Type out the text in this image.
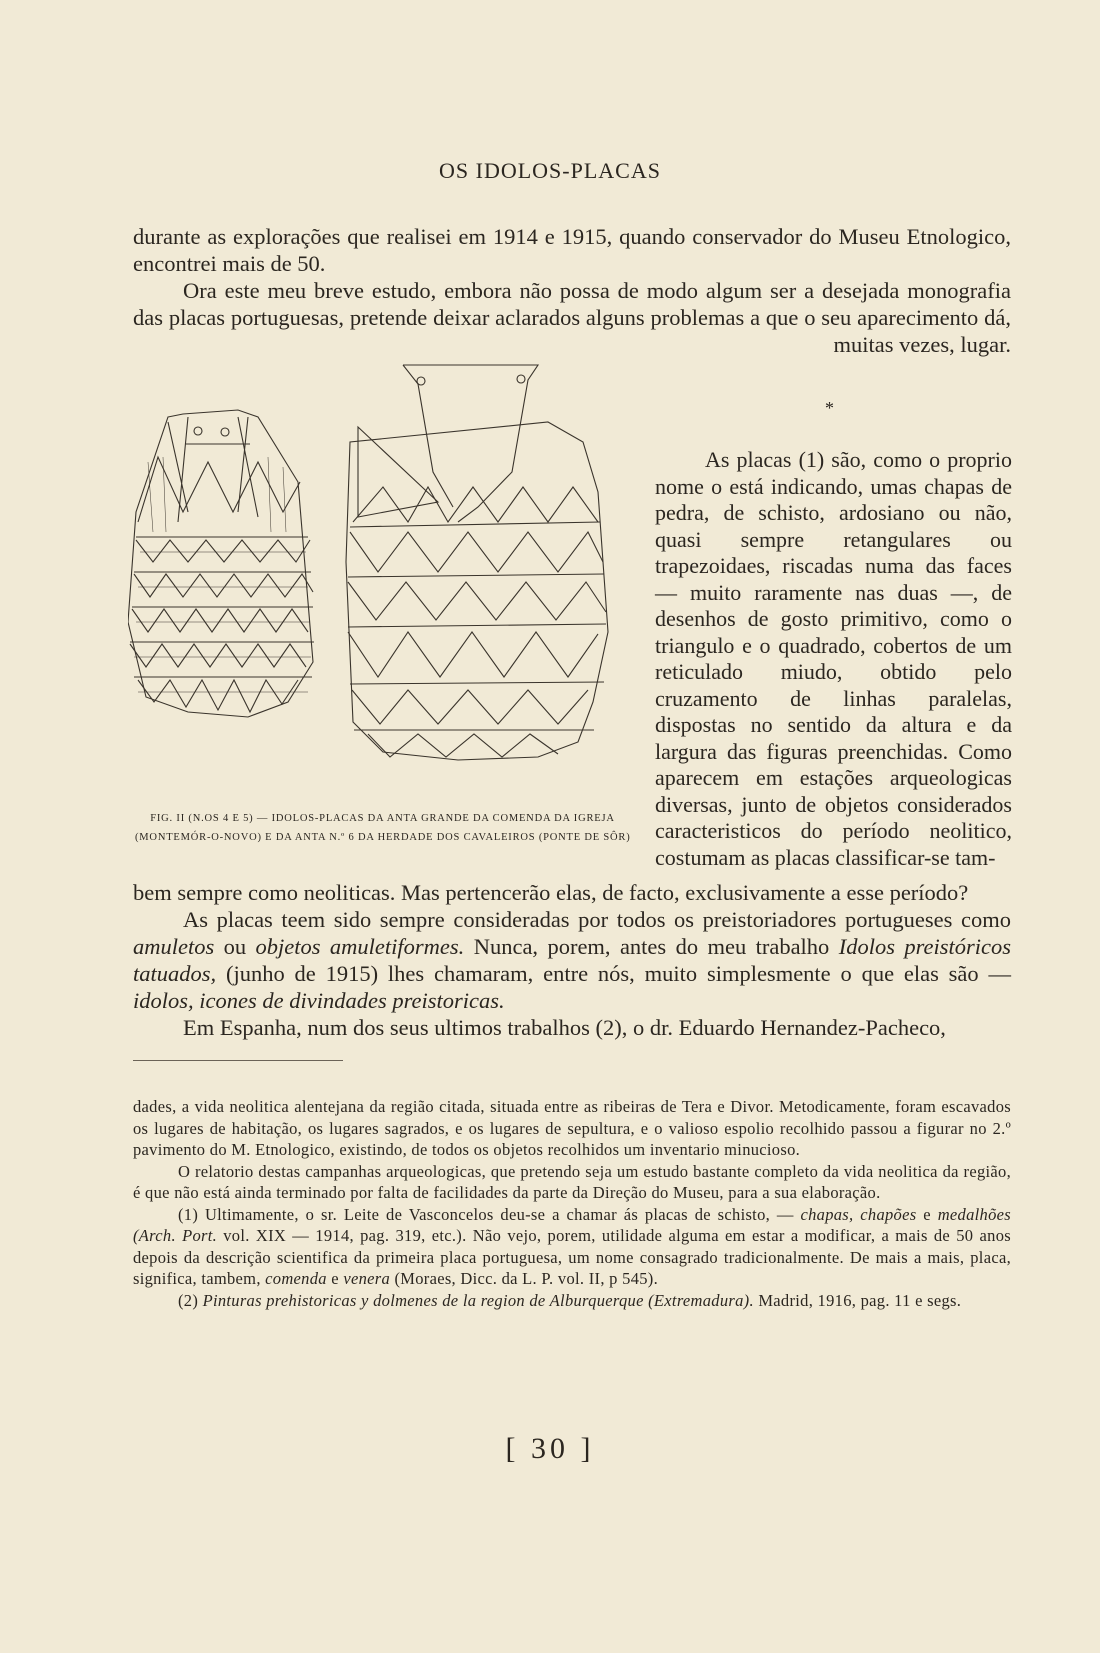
OS IDOLOS-PLACAS

durante as explorações que realisei em 1914 e 1915, quando conservador do Museu Etnologico, encontrei mais de 50.

Ora este meu breve estudo, embora não possa de modo algum ser a desejada monografia das placas portuguesas, pretende deixar aclarados alguns problemas a que o seu aparecimento dá, muitas vezes, lugar.

*
FIG. II (N.OS 4 E 5) — IDOLOS-PLACAS DA ANTA GRANDE DA COMENDA DA IGREJA
(MONTEMÓR-O-NOVO) E DA ANTA N.º 6 DA HERDADE DOS CAVALEIROS (PONTE DE SÔR)

As placas (1) são, como o proprio nome o está indicando, umas chapas de pedra, de schisto, ardosiano ou não, quasi sempre retangulares ou trapezoidaes, riscadas numa das faces — muito raramente nas duas —, de desenhos de gosto primitivo, como o triangulo e o quadrado, cobertos de um reticulado miudo, obtido pelo cruzamento de linhas paralelas, dispostas no sentido da altura e da largura das figuras preenchidas. Como aparecem em estações arqueologicas diversas, junto de objetos considerados caracteristicos do período neolitico, costumam as placas classificar-se tam-

bem sempre como neoliticas. Mas pertencerão elas, de facto, exclusivamente a esse período?

As placas teem sido sempre consideradas por todos os preistoriadores portugueses como amuletos ou objetos amuletiformes. Nunca, porem, antes do meu trabalho Idolos preistóricos tatuados, (junho de 1915) lhes chamaram, entre nós, muito simplesmente o que elas são — idolos, icones de divindades preistoricas.

Em Espanha, num dos seus ultimos trabalhos (2), o dr. Eduardo Hernandez-Pacheco,

dades, a vida neolitica alentejana da região citada, situada entre as ribeiras de Tera e Divor. Metodicamente, foram escavados os lugares de habitação, os lugares sagrados, e os lugares de sepultura, e o valioso espolio recolhido passou a figurar no 2.º pavimento do M. Etnologico, existindo, de todos os objetos recolhidos um inventario minucioso.

O relatorio destas campanhas arqueologicas, que pretendo seja um estudo bastante completo da vida neolitica da região, é que não está ainda terminado por falta de facilidades da parte da Direção do Museu, para a sua elaboração.

(1) Ultimamente, o sr. Leite de Vasconcelos deu-se a chamar ás placas de schisto, — chapas, chapões e medalhões (Arch. Port. vol. XIX — 1914, pag. 319, etc.). Não vejo, porem, utilidade alguma em estar a modificar, a mais de 50 anos depois da descrição scientifica da primeira placa portuguesa, um nome consagrado tradicionalmente. De mais a mais, placa, significa, tambem, comenda e venera (Moraes, Dicc. da L. P. vol. II, p 545).

(2) Pinturas prehistoricas y dolmenes de la region de Alburquerque (Extremadura). Madrid, 1916, pag. 11 e segs.

[ 30 ]
